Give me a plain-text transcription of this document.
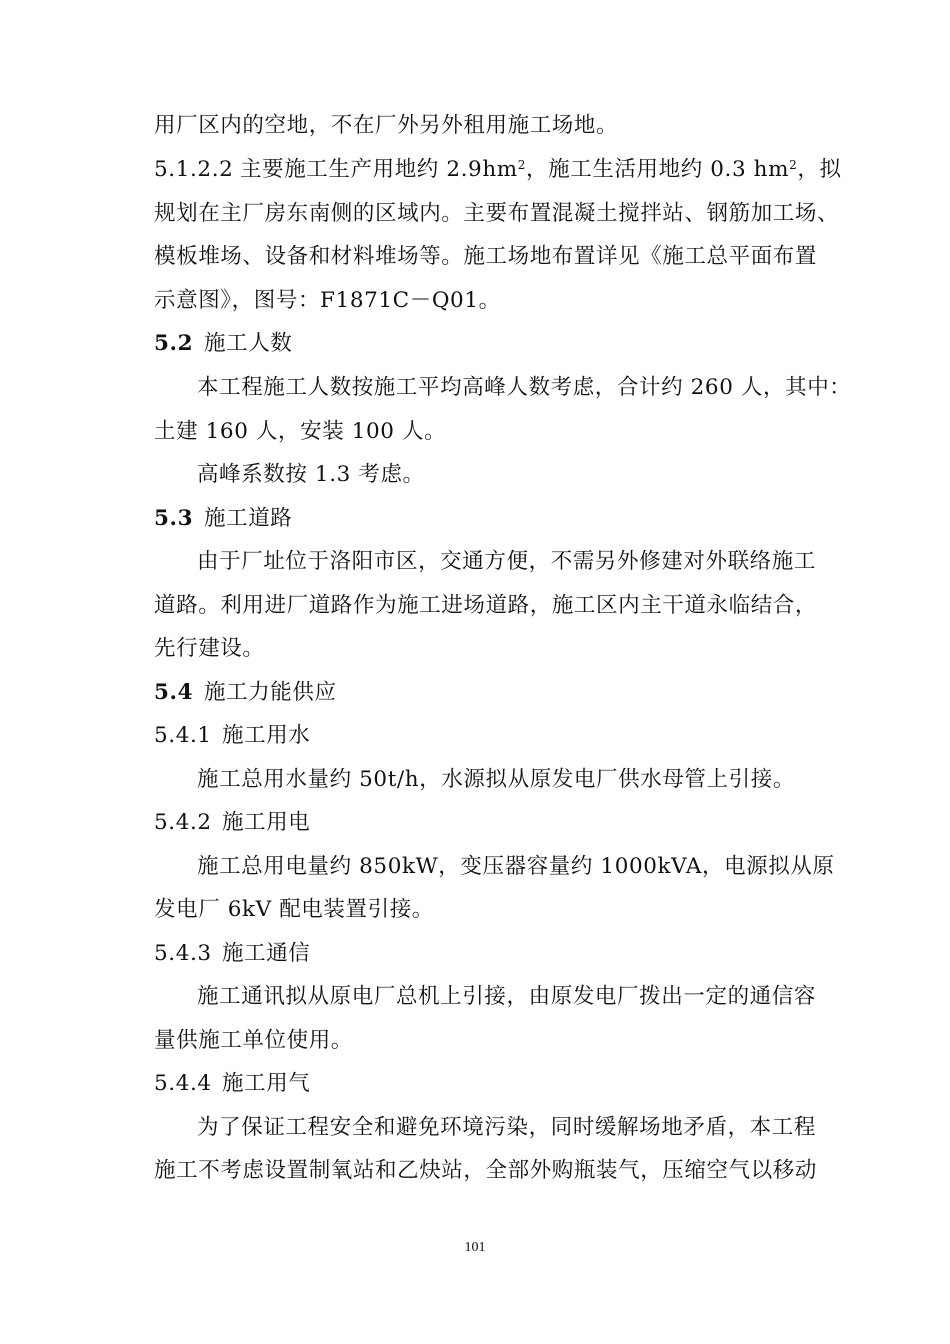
用厂区内的空地，不在厂外另外租用施工场地。
5.1.2.2 主要施工生产用地约 $2.9hm^2$，施工生活用地约 0.3 $hm^2$，拟
规划在主厂房东南侧的区域内。主要布置混凝土搅拌站、钢筋加工场、
模板堆场、设备和材料堆场等。施工场地布置详见《施工总平面布置
示意图》，图号：F1871C－Q01。
5.2 施工人数
本工程施工人数按施工平均高峰人数考虑，合计约 260 人，其中：
土建 160 人，安装 100 人。
高峰系数按 1.3 考虑。
5.3 施工道路
由于厂址位于洛阳市区，交通方便，不需另外修建对外联络施工
道路。利用进厂道路作为施工进场道路，施工区内主干道永临结合，
先行建设。
5.4 施工力能供应
5.4.1 施工用水
施工总用水量约 50t/h，水源拟从原发电厂供水母管上引接。
5.4.2 施工用电
施工总用电量约 850kW，变压器容量约 1000kVA，电源拟从原
发电厂 6kV 配电装置引接。
5.4.3 施工通信
施工通讯拟从原电厂总机上引接，由原发电厂拨出一定的通信容
量供施工单位使用。
5.4.4 施工用气
为了保证工程安全和避免环境污染，同时缓解场地矛盾，本工程
施工不考虑设置制氧站和乙炔站，全部外购瓶装气，压缩空气以移动
101
